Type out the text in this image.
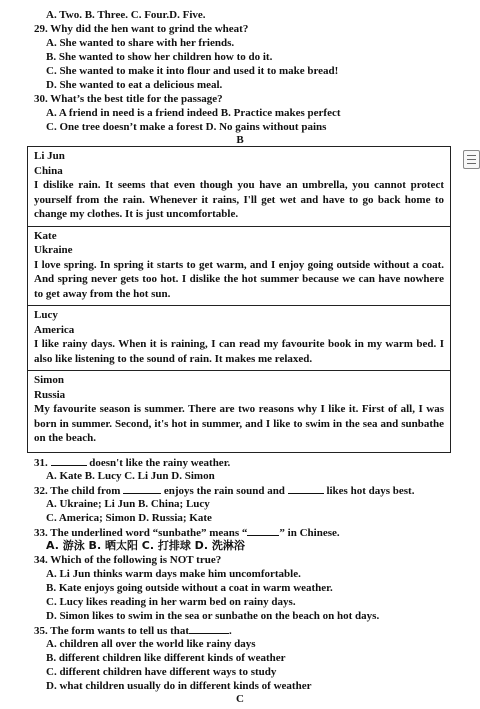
A. Two. B. Three. C. Four.D. Five.
29. Why did the hen want to grind the wheat?
A. She wanted to share with her friends.
B. She wanted to show her children how to do it.
C. She wanted to make it into flour and used it to make bread!
D. She wanted to eat a delicious meal.
30. What’s the best title for the passage?
A. A friend in need is a friend indeed B. Practice makes perfect
C. One tree doesn’t make a forest D. No gains without pains
B
Li Jun
China
I dislike rain. It seems that even though you have an umbrella, you cannot protect yourself from the rain. Whenever it rains, I'll get wet and have to go back home to change my clothes. It is just uncomfortable.

Kate
Ukraine
I love spring. In spring it starts to get warm, and I enjoy going outside without a coat. And spring never gets too hot. I dislike the hot summer because we can have nowhere to get away from the hot sun.

Lucy
America
I like rainy days. When it is raining, I can read my favourite book in my warm bed. I also like listening to the sound of rain. It makes me relaxed.

Simon
Russia
My favourite season is summer. There are two reasons why I like it. First of all, I was born in summer. Second, it's hot in summer, and I like to swim in the sea and sunbathe on the beach.
31.	doesn't like the rainy weather.
A. Kate B. Lucy C. Li Jun D. Simon
32. The child from	enjoys the rain sound and	likes hot days best.
A. Ukraine; Li Jun B. China; Lucy
C. America; Simon D. Russia; Kate
33. The underlined word “sunbathe” means “	” in Chinese.
A. 游泳 B. 晒太阳 C. 打排球 D. 洗淋浴
34. Which of the following is NOT true?
A. Li Jun thinks warm days make him uncomfortable.
B. Kate enjoys going outside without a coat in warm weather.
C. Lucy likes reading in her warm bed on rainy days.
D. Simon likes to swim in the sea or sunbathe on the beach on hot days.
35. The form wants to tell us that	.
A. children all over the world like rainy days
B. different children like different kinds of weather
C. different children have different ways to study
D. what children usually do in different kinds of weather
C
